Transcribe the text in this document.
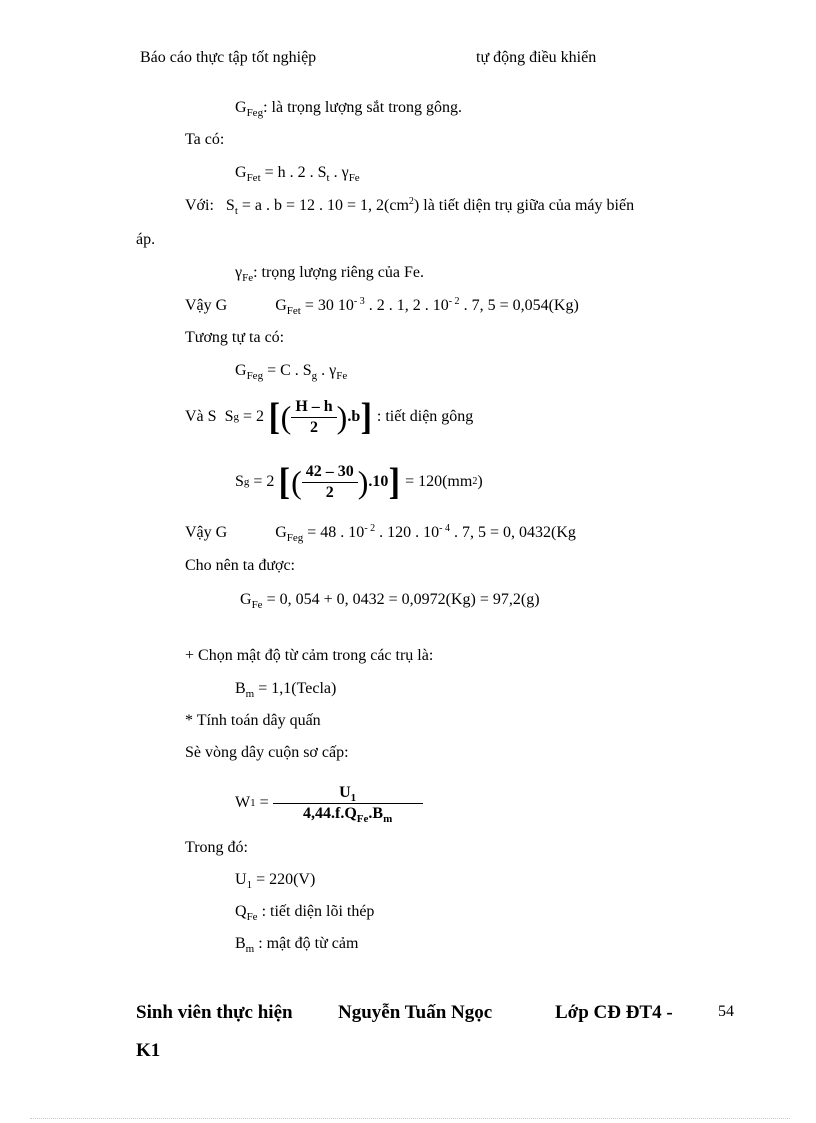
Báo cáo thực tập tốt nghiệp	tự động điều khiển
$G_{Feg}$: là trọng lượng sắt trong gông.
Ta có:
$G_{Fet} = h$ . 2 . $S_t$ . $\gamma_{Fe}$
Với:   $S_t = a$ . b = 12 . 10 = 1, $2(cm^2)$ là tiết diện trụ giữa của máy biến
áp.
$\gamma_{Fe}$: trọng lượng riêng của Fe.
Vậy G	$G_{Fet} = 30$ $10^{- 3}$ . 2 . 1, 2 . $10^{- 2}$ . 7, 5 = 0,054(Kg)
Tương tự ta có:
$G_{Feg} = C$ . $S_g$ . $\gamma_{Fe}$
Và S S g
= 2
[ ( $\frac{H - h}{2}$ ) .b ]
: tiết diện gông
S g
= 2
[ ( $\frac{42 - 30}{2}$ ) .10 ]
= 120(mm 2 )
Vậy G	$G_{Feg} = 48$ . $10^{- 2}$ . 120 . $10^{- 4}$ . 7, 5 = 0, 0432(Kg
Cho nên ta được:
$G_{Fe} = 0$, 054 + 0, 0432 = 0,0972(Kg) = 97,2(g)
+ Chọn mật độ từ cảm trong các trụ là:
$B_m$ = 1,1(Tecla)
* Tính toán dây quấn
Sè vòng dây cuộn sơ cấp:
W $1 = \frac{U_1}{4,44.f.Q_{Fe}.B_m}$
Trong đó:
$U_1 = 220(V)$
$Q_{Fe}$ : tiết diện lõi thép
$B_m$ : mật độ từ cảm
Sinh viên thực hiện Nguyễn Tuấn Ngọc	Lớp CĐ ĐT4 -	54
K1
